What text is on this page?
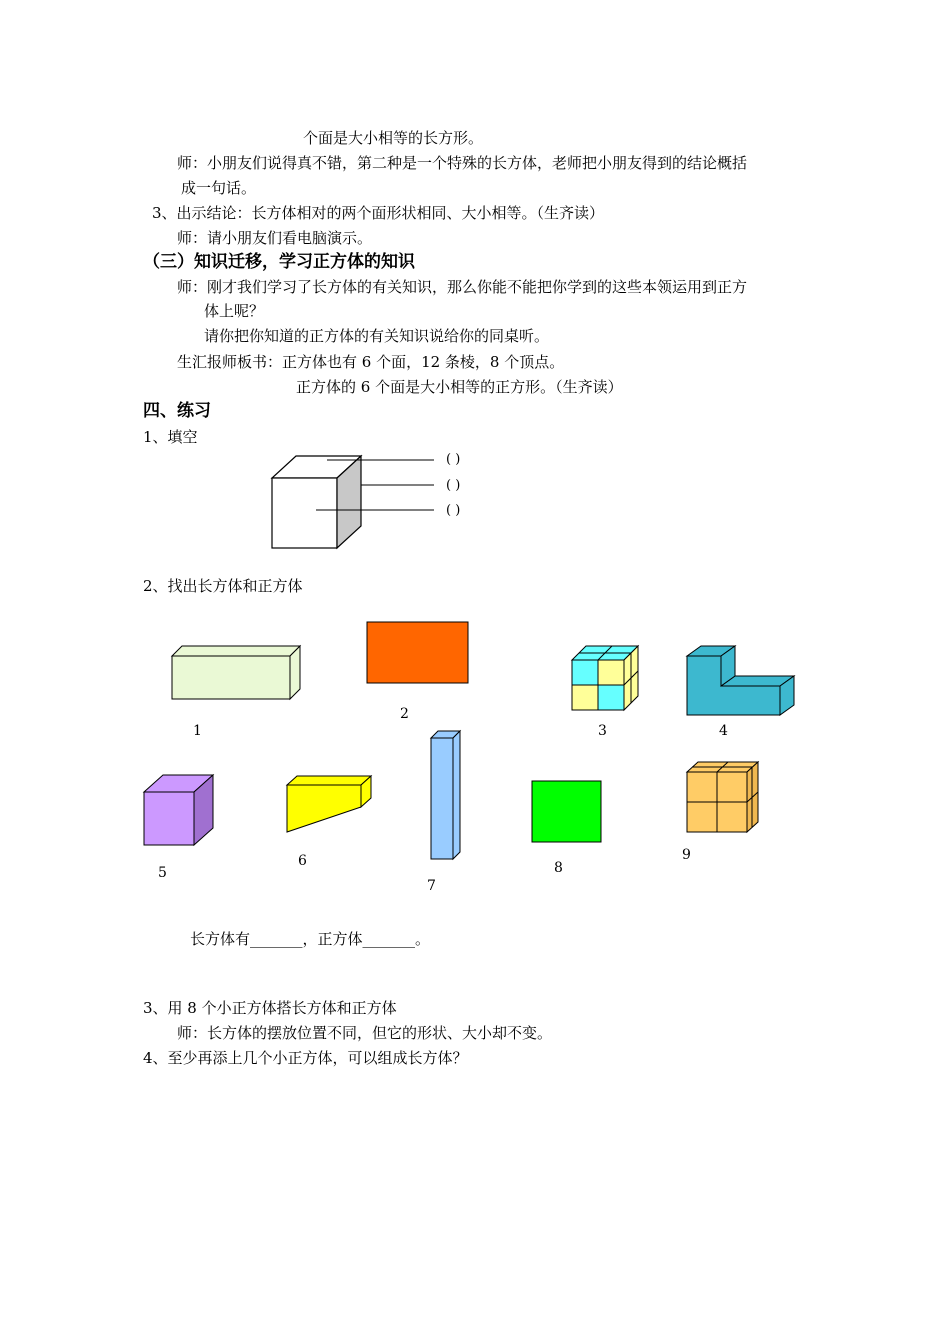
个面是大小相等的长方形。
师：小朋友们说得真不错，第二种是一个特殊的长方体，老师把小朋友得到的结论概括
成一句话。
3、出示结论：长方体相对的两个面形状相同、大小相等。（生齐读）
师：请小朋友们看电脑演示。
（三）知识迁移，学习正方体的知识
师：刚才我们学习了长方体的有关知识，那么你能不能把你学到的这些本领运用到正方
体上呢？
请你把你知道的正方体的有关知识说给你的同桌听。
生汇报师板书：正方体也有 6 个面，12 条棱，8 个顶点。
正方体的 6 个面是大小相等的正方形。（生齐读）
四、练习
1、填空
( )
( )
( )
2、找出长方体和正方体
1
2
3	4
5
6
7
8
9
长方体有_______，正方体_______。
3、用 8 个小正方体搭长方体和正方体
师：长方体的摆放位置不同，但它的形状、大小却不变。
4、至少再添上几个小正方体，可以组成长方体？
